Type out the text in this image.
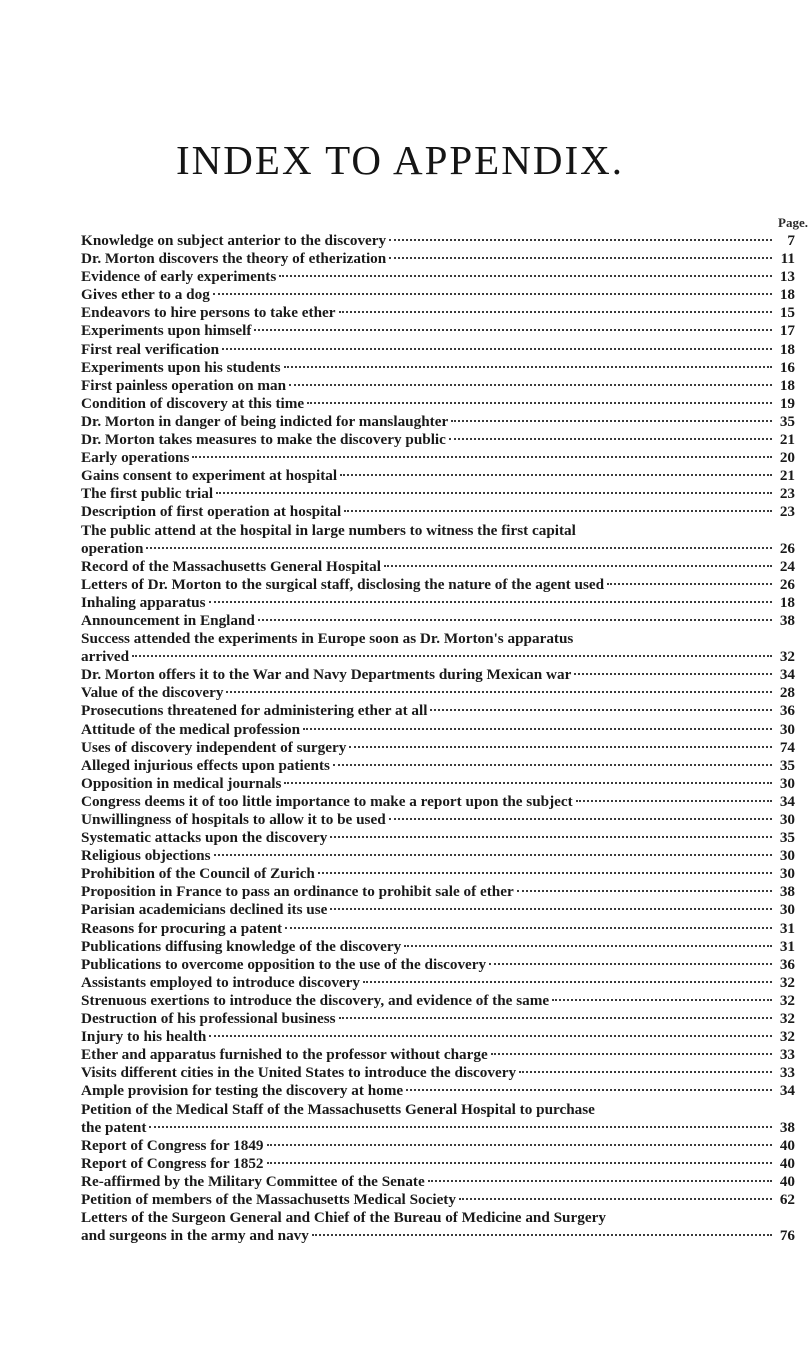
INDEX TO APPENDIX.
Page.
Knowledge on subject anterior to the discovery	7
Dr. Morton discovers the theory of etherization	11
Evidence of early experiments	13
Gives ether to a dog	18
Endeavors to hire persons to take ether	15
Experiments upon himself	17
First real verification	18
Experiments upon his students	16
First painless operation on man	18
Condition of discovery at this time	19
Dr. Morton in danger of being indicted for manslaughter	35
Dr. Morton takes measures to make the discovery public	21
Early operations	20
Gains consent to experiment at hospital	21
The first public trial	23
Description of first operation at hospital	23
The public attend at the hospital in large numbers to witness the first capital
operation	26
Record of the Massachusetts General Hospital	24
Letters of Dr. Morton to the surgical staff, disclosing the nature of the agent used	26
Inhaling apparatus	18
Announcement in England	38
Success attended the experiments in Europe soon as Dr. Morton's apparatus
arrived	32
Dr. Morton offers it to the War and Navy Departments during Mexican war	34
Value of the discovery	28
Prosecutions threatened for administering ether at all	36
Attitude of the medical profession	30
Uses of discovery independent of surgery	74
Alleged injurious effects upon patients	35
Opposition in medical journals	30
Congress deems it of too little importance to make a report upon the subject	34
Unwillingness of hospitals to allow it to be used	30
Systematic attacks upon the discovery	35
Religious objections	30
Prohibition of the Council of Zurich	30
Proposition in France to pass an ordinance to prohibit sale of ether	38
Parisian academicians declined its use	30
Reasons for procuring a patent	31
Publications diffusing knowledge of the discovery	31
Publications to overcome opposition to the use of the discovery	36
Assistants employed to introduce discovery	32
Strenuous exertions to introduce the discovery, and evidence of the same	32
Destruction of his professional business	32
Injury to his health	32
Ether and apparatus furnished to the professor without charge	33
Visits different cities in the United States to introduce the discovery	33
Ample provision for testing the discovery at home	34
Petition of the Medical Staff of the Massachusetts General Hospital to purchase
the patent	38
Report of Congress for 1849	40
Report of Congress for 1852	40
Re-affirmed by the Military Committee of the Senate	40
Petition of members of the Massachusetts Medical Society	62
Letters of the Surgeon General and Chief of the Bureau of Medicine and Surgery
and surgeons in the army and navy	76
